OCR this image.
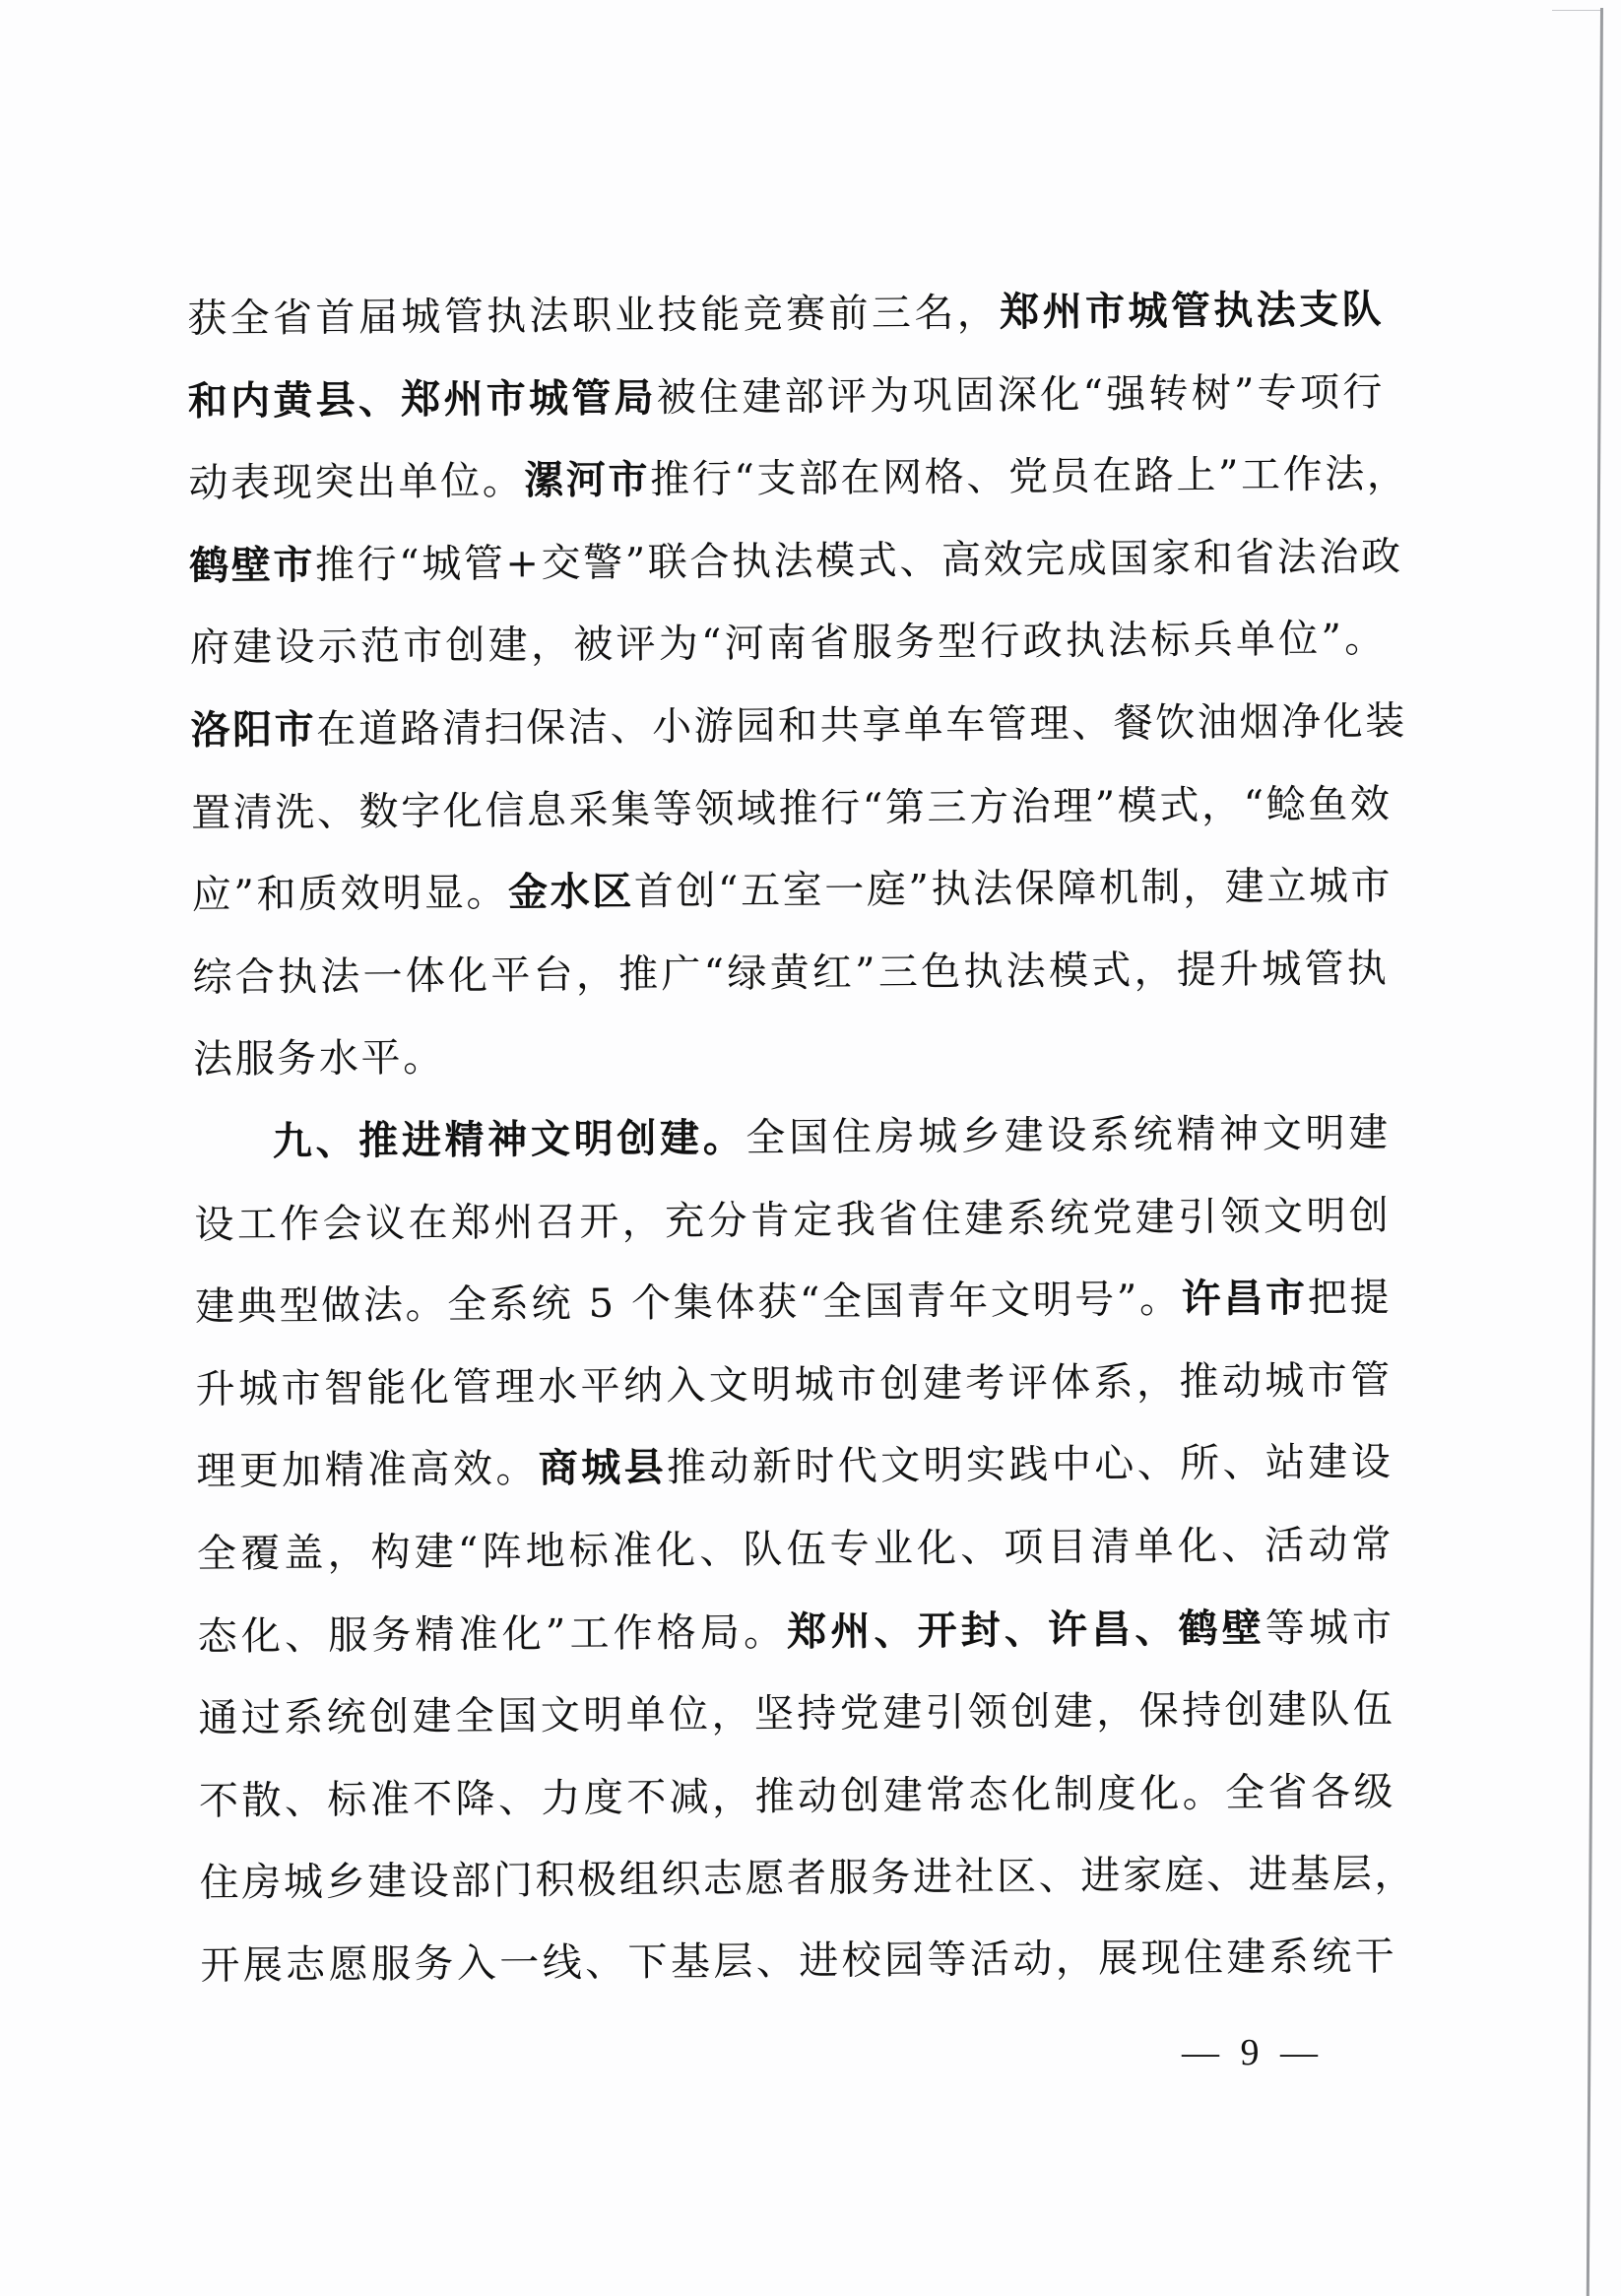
获全省首届城管执法职业技能竞赛前三名，郑州市城管执法支队
和内黄县、郑州市城管局被住建部评为巩固深化“强转树”专项行
动表现突出单位。漯河市推行“支部在网格、党员在路上”工作法，
鹤壁市推行“城管+交警”联合执法模式、高效完成国家和省法治政
府建设示范市创建，被评为“河南省服务型行政执法标兵单位”。
洛阳市在道路清扫保洁、小游园和共享单车管理、餐饮油烟净化装
置清洗、数字化信息采集等领域推行“第三方治理”模式，“鲶鱼效
应”和质效明显。金水区首创“五室一庭”执法保障机制，建立城市
综合执法一体化平台，推广“绿黄红”三色执法模式，提升城管执
法服务水平。
九、推进精神文明创建。全国住房城乡建设系统精神文明建
设工作会议在郑州召开，充分肯定我省住建系统党建引领文明创
建典型做法。全系统 5 个集体获“全国青年文明号”。许昌市把提
升城市智能化管理水平纳入文明城市创建考评体系，推动城市管
理更加精准高效。商城县推动新时代文明实践中心、所、站建设
全覆盖，构建“阵地标准化、队伍专业化、项目清单化、活动常
态化、服务精准化”工作格局。郑州、开封、许昌、鹤壁等城市
通过系统创建全国文明单位，坚持党建引领创建，保持创建队伍
不散、标准不降、力度不减，推动创建常态化制度化。全省各级
住房城乡建设部门积极组织志愿者服务进社区、进家庭、进基层，
开展志愿服务入一线、下基层、进校园等活动，展现住建系统干
— 9 —
